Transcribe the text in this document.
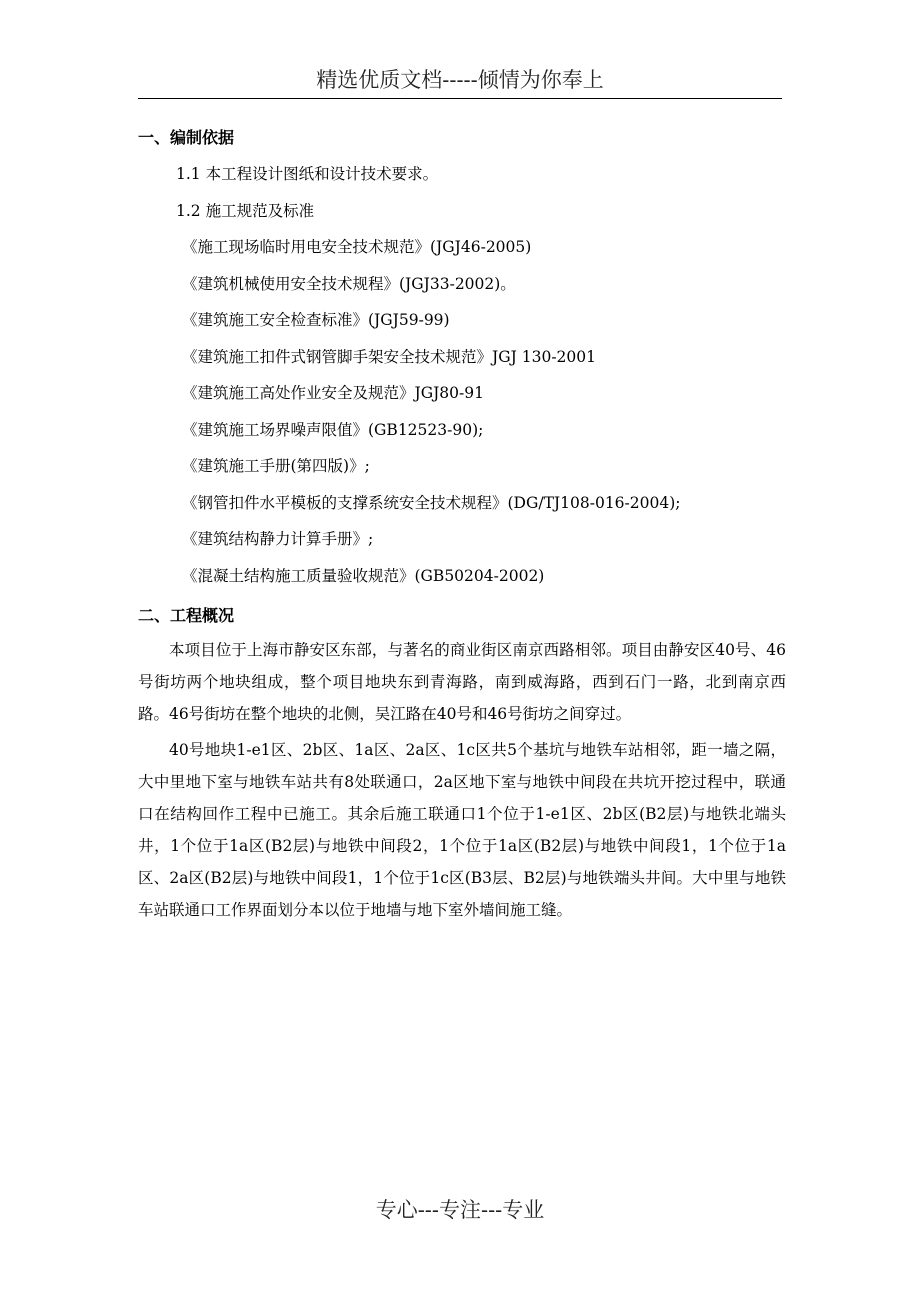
精选优质文档-----倾情为你奉上
一、编制依据
1.1 本工程设计图纸和设计技术要求。
1.2 施工规范及标准
《施工现场临时用电安全技术规范》(JGJ46-2005)
《建筑机械使用安全技术规程》(JGJ33-2002)。
《建筑施工安全检查标准》(JGJ59-99)
《建筑施工扣件式钢管脚手架安全技术规范》JGJ 130-2001
《建筑施工高处作业安全及规范》JGJ80-91
《建筑施工场界噪声限值》(GB12523-90);
《建筑施工手册(第四版)》;
《钢管扣件水平模板的支撑系统安全技术规程》(DG/TJ108-016-2004);
《建筑结构静力计算手册》;
《混凝土结构施工质量验收规范》(GB50204-2002)
二、工程概况

本项目位于上海市静安区东部，与著名的商业街区南京西路相邻。项目由静安区40号、46号街坊两个地块组成，整个项目地块东到青海路，南到威海路，西到石门一路，北到南京西路。46号街坊在整个地块的北侧，吴江路在40号和46号街坊之间穿过。

40号地块1-e1区、2b区、1a区、2a区、1c区共5个基坑与地铁车站相邻，距一墙之隔，大中里地下室与地铁车站共有8处联通口，2a区地下室与地铁中间段在共坑开挖过程中，联通口在结构回作工程中已施工。其余后施工联通口1个位于1-e1区、2b区(B2层)与地铁北端头井，1个位于1a区(B2层)与地铁中间段2，1个位于1a区(B2层)与地铁中间段1，1个位于1a区、2a区(B2层)与地铁中间段1，1个位于1c区(B3层、B2层)与地铁端头井间。大中里与地铁车站联通口工作界面划分本以位于地墙与地下室外墙间施工缝。

专心---专注---专业
